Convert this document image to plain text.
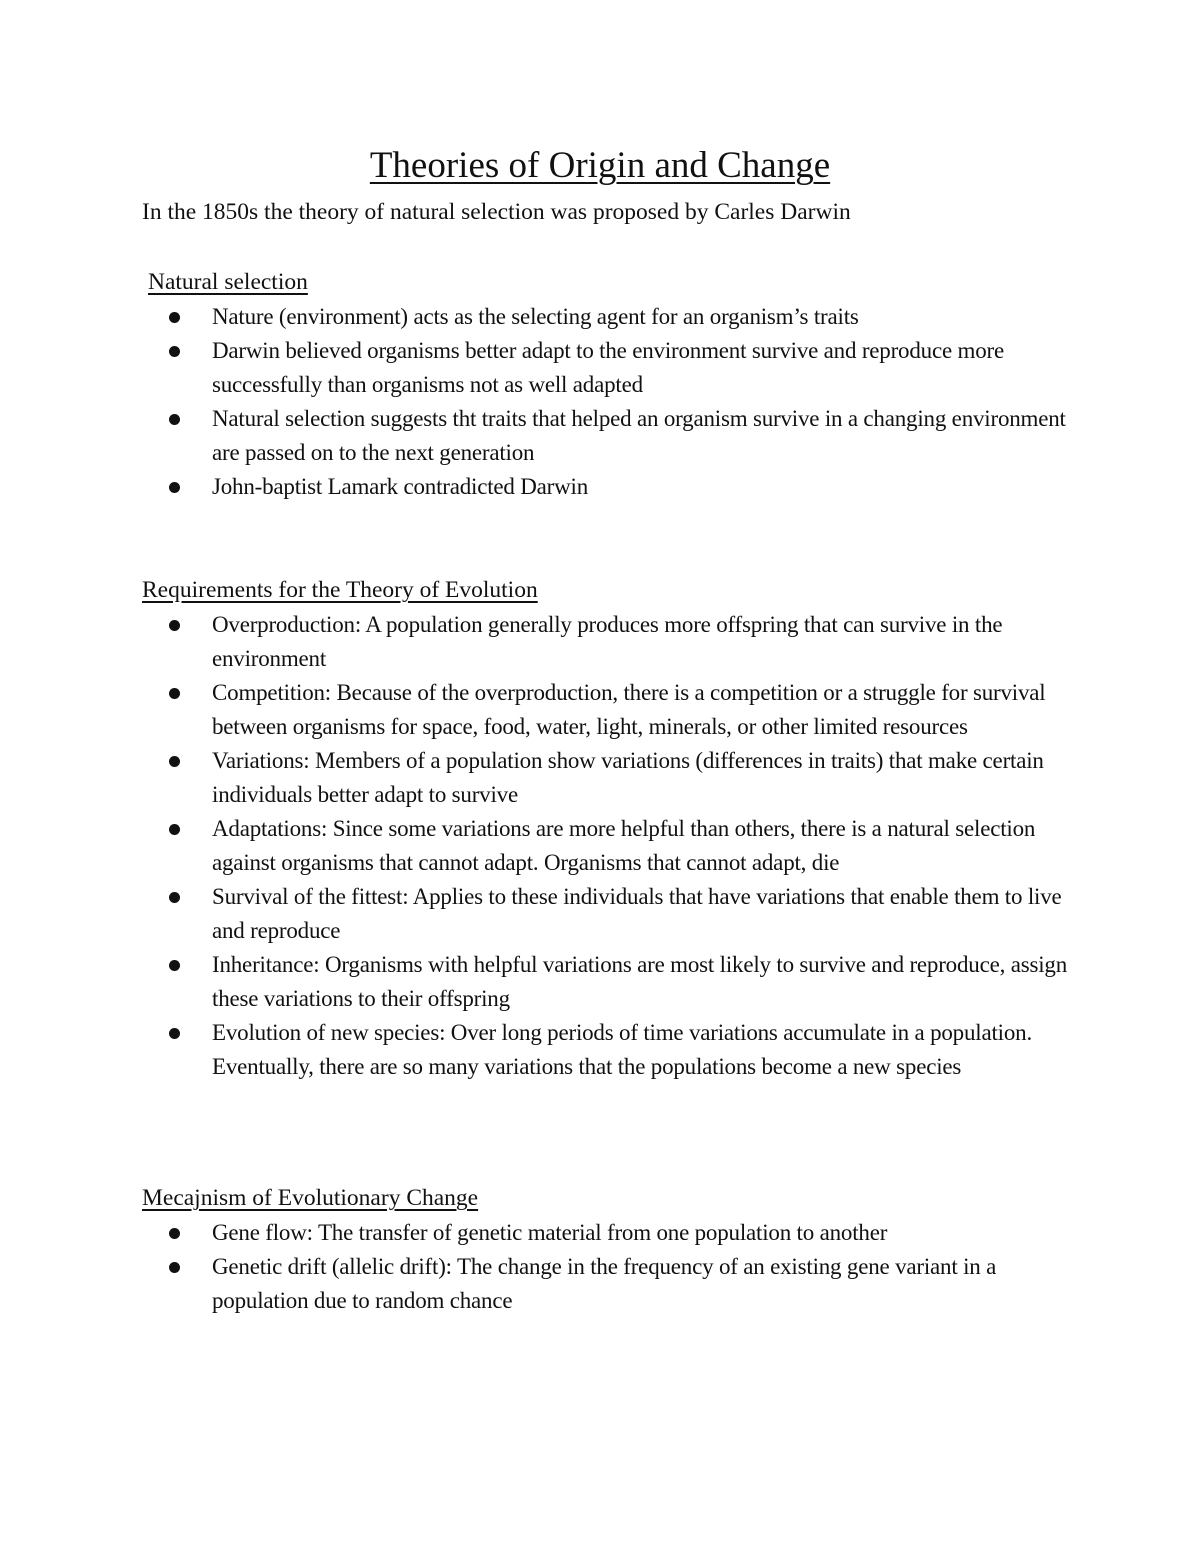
Theories of Origin and Change

In the 1850s the theory of natural selection was proposed by Carles Darwin

Natural selection
Nature (environment) acts as the selecting agent for an organism’s traits
Darwin believed organisms better adapt to the environment survive and reproduce more successfully than organisms not as well adapted
Natural selection suggests tht traits that helped an organism survive in a changing environment are passed on to the next generation
John-baptist Lamark contradicted Darwin
Requirements for the Theory of Evolution
Overproduction: A population generally produces more offspring that can survive in the environment
Competition: Because of the overproduction, there is a competition or a struggle for survival between organisms for space, food, water, light, minerals, or other limited resources
Variations: Members of a population show variations (differences in traits) that make certain individuals better adapt to survive
Adaptations: Since some variations are more helpful than others, there is a natural selection against organisms that cannot adapt. Organisms that cannot adapt, die
Survival of the fittest: Applies to these individuals that have variations that enable them to live and reproduce
Inheritance: Organisms with helpful variations are most likely to survive and reproduce, assign these variations to their offspring
Evolution of new species: Over long periods of time variations accumulate in a population. Eventually, there are so many variations that the populations become a new species
Mecajnism of Evolutionary Change
Gene flow: The transfer of genetic material from one population to another
Genetic drift (allelic drift): The change in the frequency of an existing gene variant in a population due to random chance
